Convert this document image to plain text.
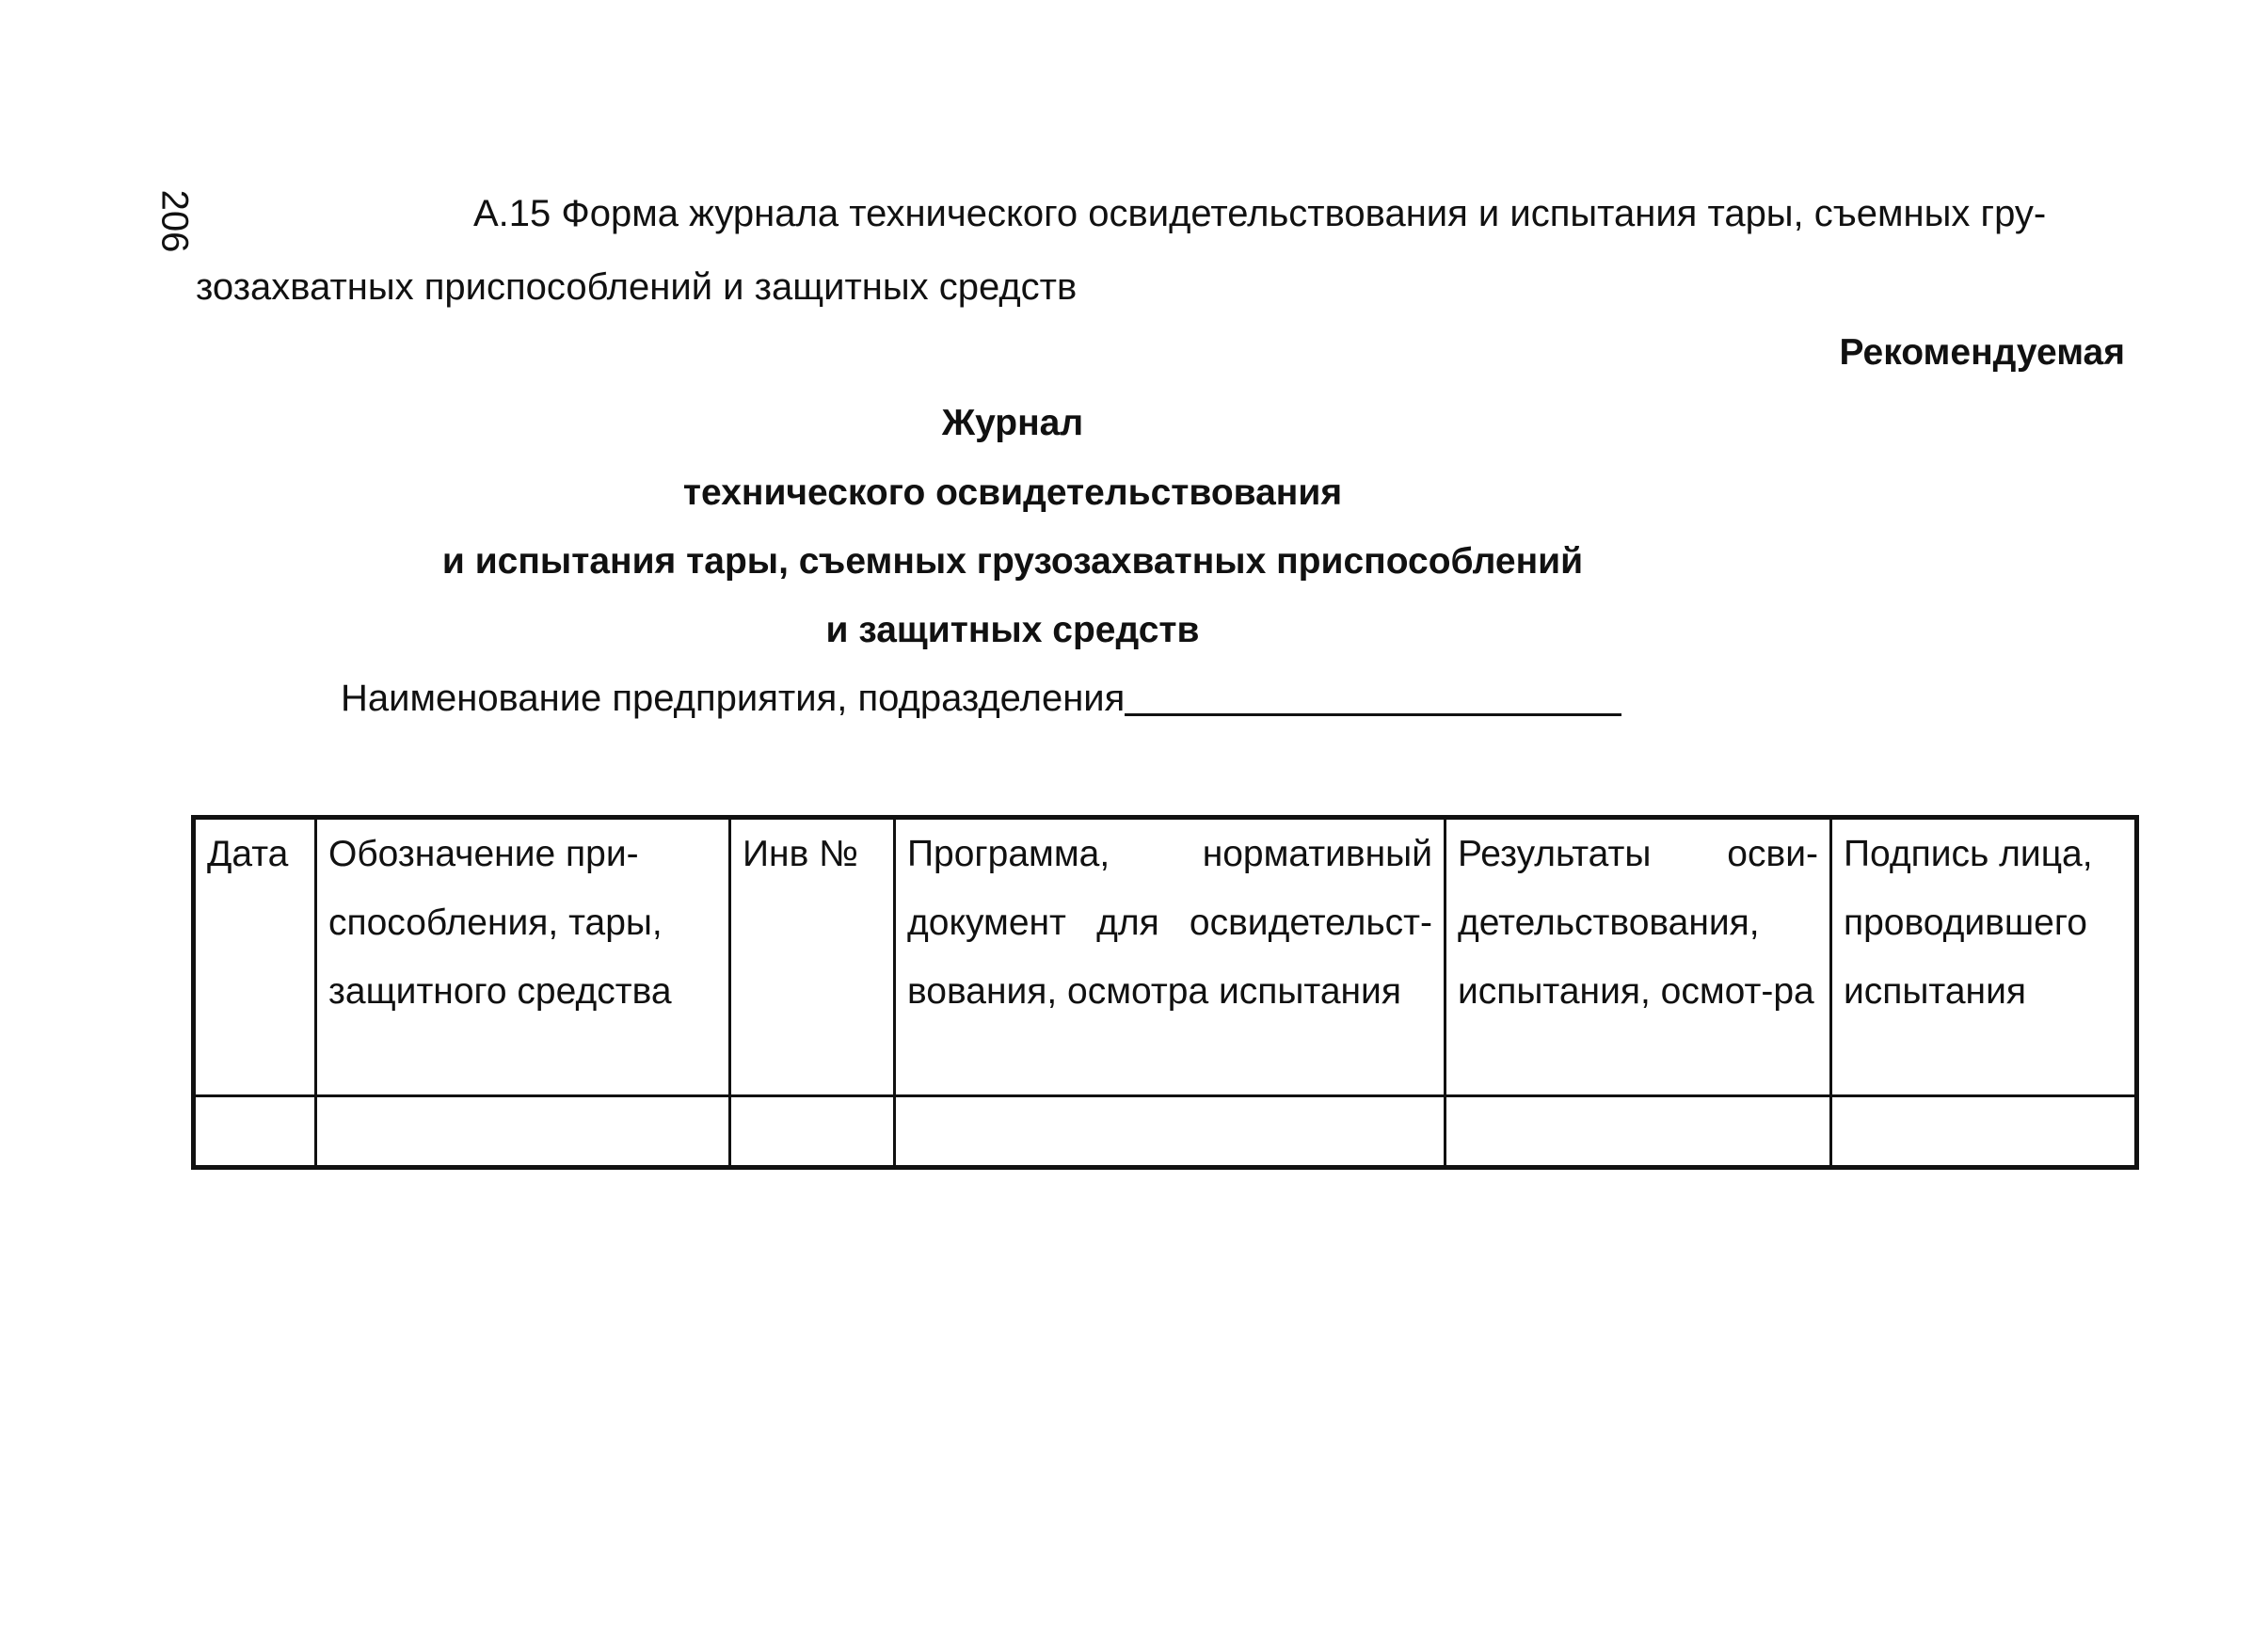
206	А.15 Форма журнала технического освидетельствования и испытания тары, съемных гру-
зозахватных приспособлений и защитных средств
Рекомендуемая
Журнал
технического освидетельствования
и испытания тары, съемных грузозахватных приспособлений
и защитных средств
Наименование предприятия, подразделения
Дата	Обозначение при-способления, тары, защитного средства	Инв №	Программа, нормативный документ для освидетельст-вования, осмотра испытания	Результаты осви-детельствования, испытания, осмот-ра	Подпись лица, проводившего испытания
